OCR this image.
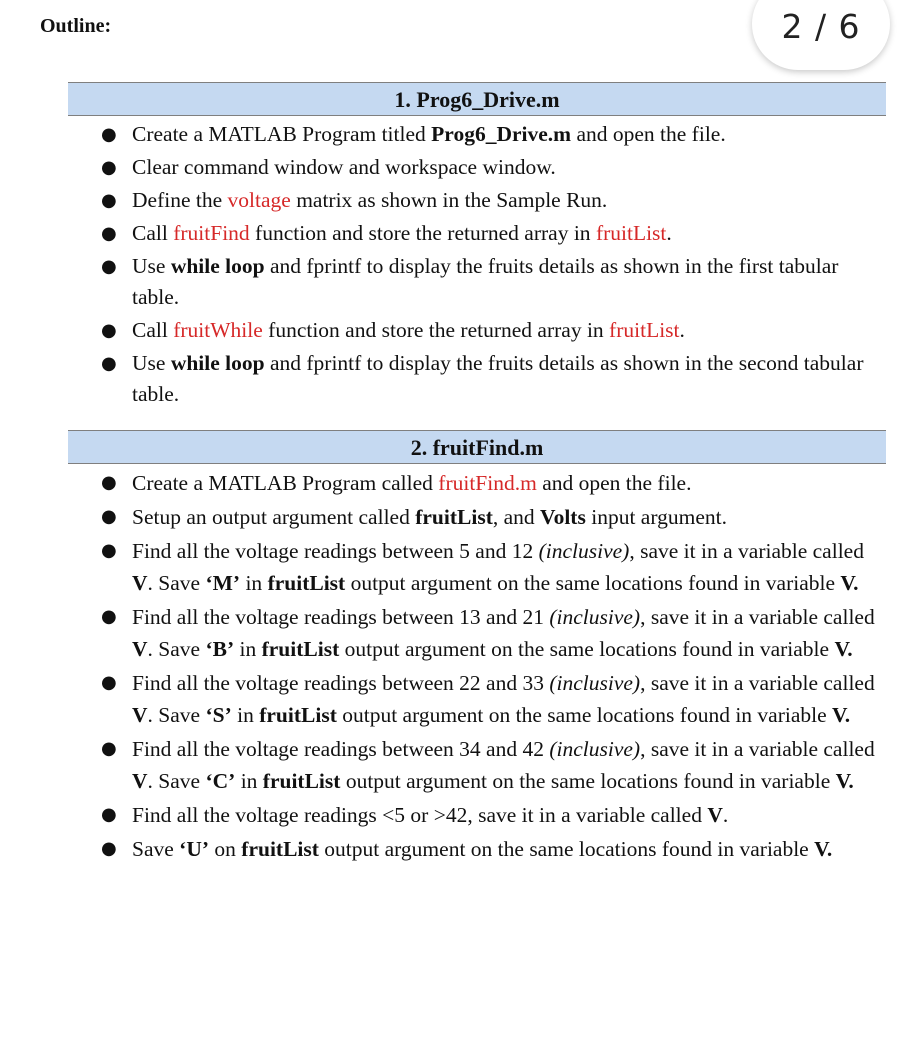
Outline:	2 / 6
1. Prog6_Drive.m
● Create a MATLAB Program titled Prog6_Drive.m and open the file.
● Clear command window and workspace window.
● Define the voltage matrix as shown in the Sample Run.
● Call fruitFind function and store the returned array in fruitList.
● Use while loop and fprintf to display the fruits details as shown in the first tabular table.
● Call fruitWhile function and store the returned array in fruitList.
● Use while loop and fprintf to display the fruits details as shown in the second tabular table.
2. fruitFind.m
● Create a MATLAB Program called fruitFind.m and open the file.
● Setup an output argument called fruitList, and Volts input argument.
● Find all the voltage readings between 5 and 12 (inclusive), save it in a variable called V. Save ‘M’ in fruitList output argument on the same locations found in variable V.
● Find all the voltage readings between 13 and 21 (inclusive), save it in a variable called V. Save ‘B’ in fruitList output argument on the same locations found in variable V.
● Find all the voltage readings between 22 and 33 (inclusive), save it in a variable called V. Save ‘S’ in fruitList output argument on the same locations found in variable V.
● Find all the voltage readings between 34 and 42 (inclusive), save it in a variable called V. Save ‘C’ in fruitList output argument on the same locations found in variable V.
● Find all the voltage readings <5 or >42, save it in a variable called V.
● Save ‘U’ on fruitList output argument on the same locations found in variable V.
